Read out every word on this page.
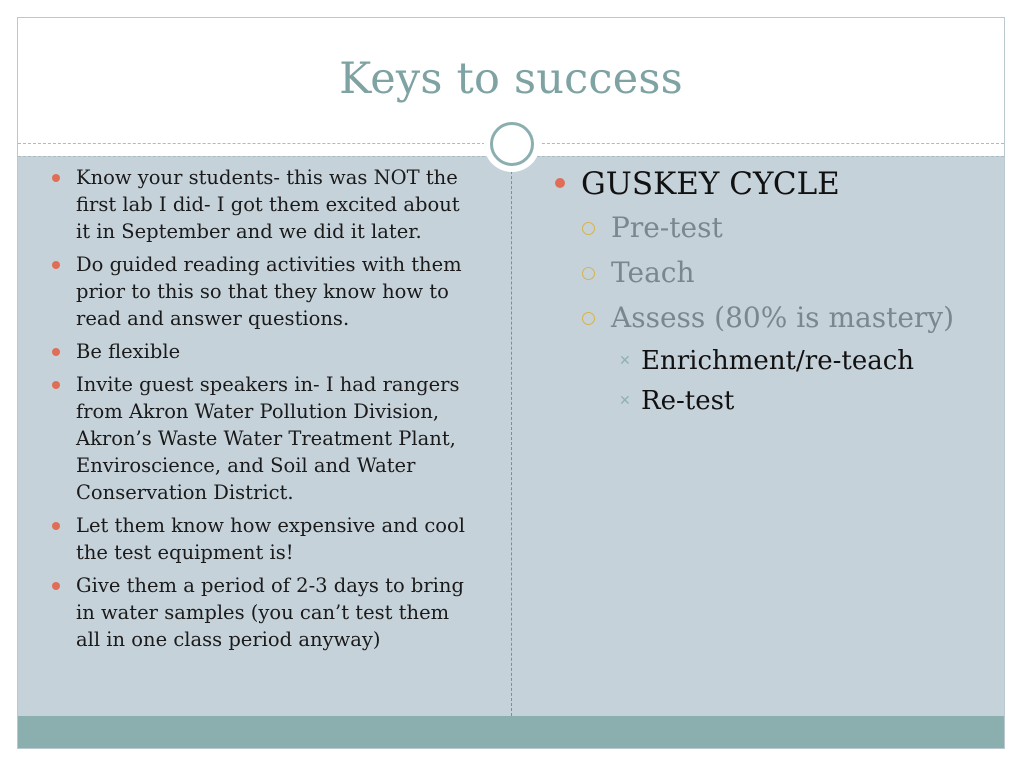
Keys to success
Know your students- this was NOT the first lab I did- I got them excited about it in September and we did it later.
Do guided reading activities with them prior to this so that they know how to read and answer questions.
Be flexible
Invite guest speakers in- I had rangers from Akron Water Pollution Division, Akron’s Waste Water Treatment Plant, Enviroscience, and Soil and Water Conservation District.
Let them know how expensive and cool the test equipment is!
Give them a period of 2-3 days to bring in water samples (you can’t test them all in one class period anyway)
GUSKEY CYCLE
Pre-test
Teach
Assess (80% is mastery)
✕ Enrichment/re-teach
✕ Re-test
